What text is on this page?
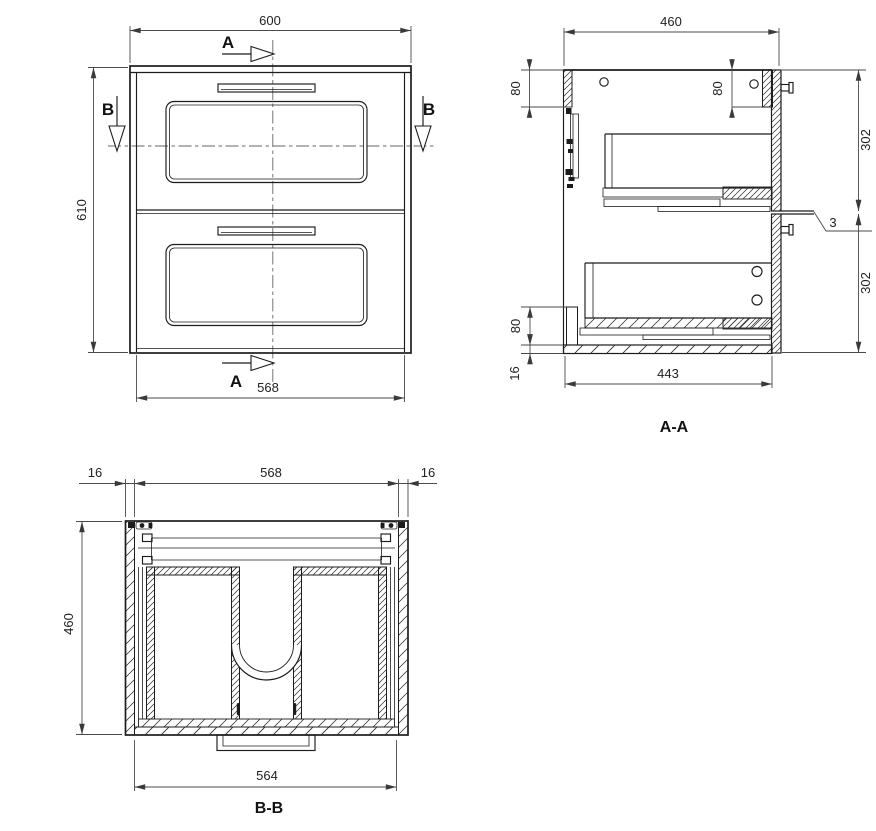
A
A
B	B
600
610
568
460
80	80
302
3
302
80
16	443
A-A
16	568	16
460
564
B-B
